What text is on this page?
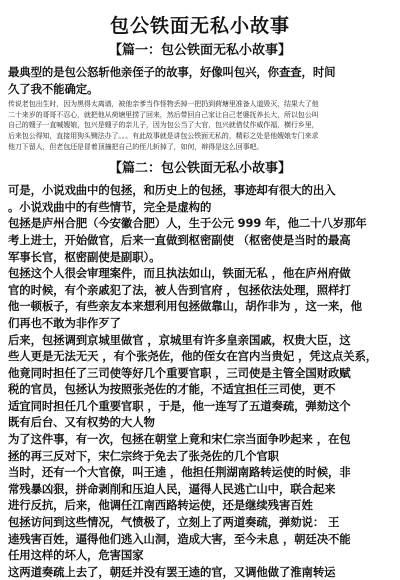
包公铁面无私小故事
【篇一：包公铁面无私小故事】
最典型的是包公怒斩他亲侄子的故事，好像叫包兴，你查查，时间
久了我不能确定。
传说老包出生时，因为黑得太离谱，被他亲爹当作怪物丢掉一把扔到荷塘里准备人道毁灭，结果大了他
二十来岁的哥哥不忍心，就把他从荷塘里捞了回来，然后带回自己家让自己老婆抚养长大，所以包公叫
自己的嫂子一直喊嫂娘，包兴是嫂子的亲儿子，因为包公当了大官，包兴就借仗作威作福，横行乡里，
后来包公得知，直接用狗头铡法办了。。。有此故事就是讲包公铁面无私的，精彩之处是他嫂娘专门来求
他刀下留人，但老包还是冒着顶撞把自己的侄儿斩掉了，如何，辩得是这么回事吧。
【篇二：包公铁面无私小故事】
可是，小说戏曲中的包拯，和历史上的包拯，事迹却有很大的出入
。小说戏曲中的有些情节，完全是虚构的
包拯是庐州合肥（今安徽合肥）人，生于公元 999 年，他二十八岁那年
考上进士，开始做官，后来一直做到枢密副使 （枢密使是当时的最高
军事长官，枢密副使是副职）。
包拯这个人很会审理案件，而且执法如山，铁面无私 ，他在庐州府做
官的时候，有个亲戚犯了法，被人告到官府 ，包拯依法处理，照样打
他一顿板子，有些亲友本来想利用包拯做靠山，胡作非为 ，这一来，他
们再也不敢为非作歹了
后来，包拯调到京城里做官 ，京城里有许多皇亲国戚，权贵大臣，这
些人更是无法无天 ，有个张尧佐，他的侄女在宫内当贵妃 ，凭这点关系，
他竟同时担任了三司使等好几个重要官职 ，三司使是主管全国财政赋
税的官员，包拯认为按照张尧佐的才能，不适宜担任三司使，更不
适宜同时担任几个重要官职 ，于是，他一连写了五道奏疏，弹劾这个
既有后台、又有权势的大人物
为了这件事，有一次，包拯在朝堂上竟和宋仁宗当面争吵起来 ，在包
拯的再三反对下，宋仁宗终于免去了张尧佐的几个官职
当时，还有一个大官僚，叫王逵 ，他担任荆湖南路转运使的时候，非
常残暴凶狠，拼命剥削和压迫人民，逼得人民逃亡山中，联合起来
进行反抗，后来，他调任江南西路转运使，还是继续残害百姓
包拯访问到这些情况，气愤极了，立刻上了两道奏疏，弹劾说： 王
逵残害百姓，逼得他们逃入山洞，造成大害，至今未息 ，朝廷决不能
任用这样的坏人，危害国家
这两道奏疏上去了，朝廷并没有罢王逵的官，又调他做了淮南转运
